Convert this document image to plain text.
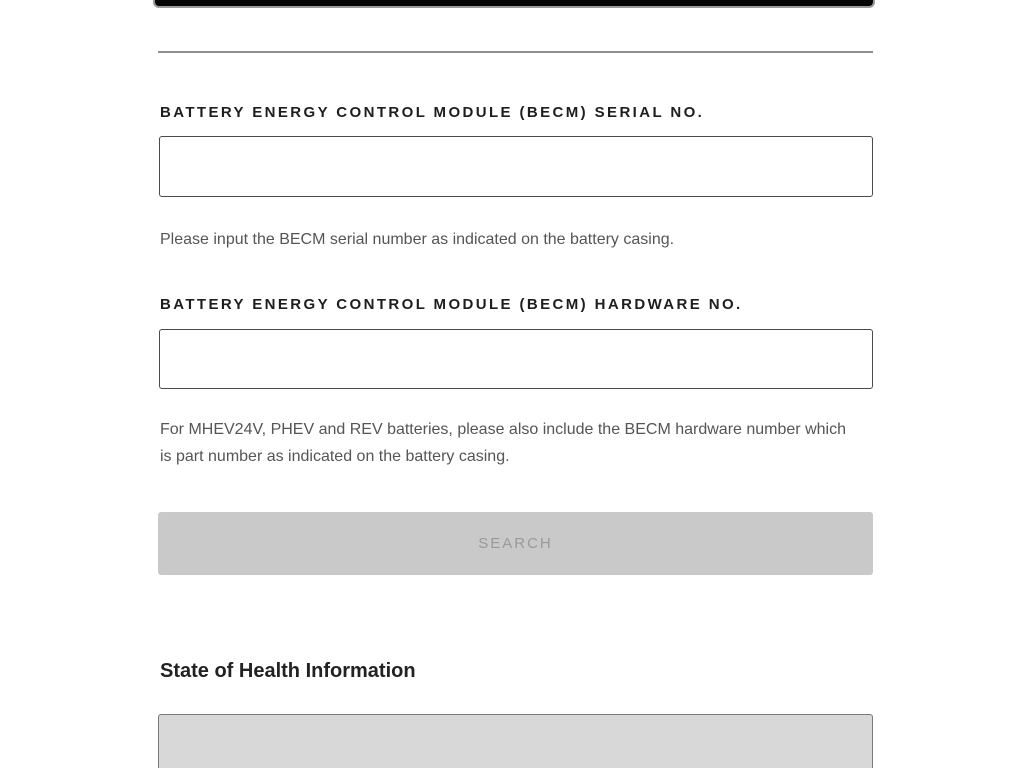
BATTERY ENERGY CONTROL MODULE (BECM) SERIAL NO.
Please input the BECM serial number as indicated on the battery casing.
BATTERY ENERGY CONTROL MODULE (BECM) HARDWARE NO.
For MHEV24V, PHEV and REV batteries, please also include the BECM hardware number which is part number as indicated on the battery casing.
SEARCH
State of Health Information
